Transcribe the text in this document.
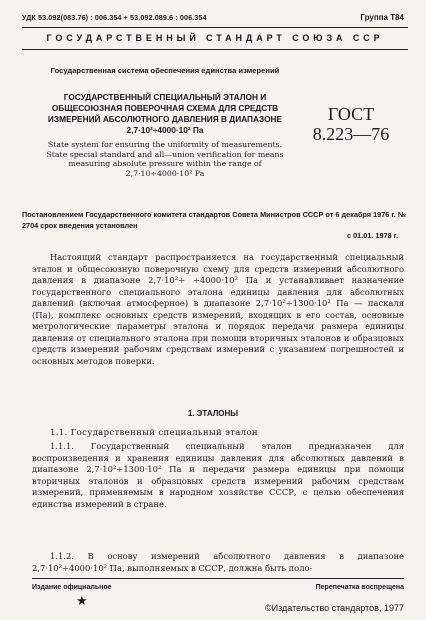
УДК 53.092(083.76) : 006.354 + 53.092.089.6 : 006.354	Группа Т84
ГОСУДАРСТВЕННЫЙ СТАНДАРТ СОЮЗА ССР
Государственная система обеспечения единства измерений
ГОСУДАРСТВЕННЫЙ СПЕЦИАЛЬНЫЙ ЭТАЛОН И ОБЩЕСОЮЗНАЯ ПОВЕРОЧНАЯ СХЕМА ДЛЯ СРЕДСТВ ИЗМЕРЕНИЙ АБСОЛЮТНОГО ДАВЛЕНИЯ В ДИАПАЗОНЕ 2,7·10²÷4000·10² Па
State system for ensuring the uniformity of measurements. State special standard and all—union verification for means measuring absolute pressure within the range of 2,7·10÷4000·10² Pa
ГОСТ
8.223—76
Постановлением Государственного комитета стандартов Совета Министров СССР от 6 декабря 1976 г. № 2704 срок введения установлен
с 01.01. 1978 г.
Настоящий стандарт распространяется на государственный специальный эталон и общесоюзную поверочную схему для средств измерений абсолютного давления в диапазоне 2,7·10²÷ ÷4000·10² Па и устанавливает назначение государственного специального эталона единицы давления для абсолютных давлений (включая атмосферное) в диапазоне 2,7·10²÷1300·10² Па — паскаля (Па), комплекс основных средств измерений, входящих в его состав, основные метрологические параметры эталона и порядок передачи размера единицы давления от специального эталона при помощи вторичных эталонов и образцовых средств измерений рабочим средствам измерений с указанием погрешностей и основных методов поверки.
1. ЭТАЛОНЫ
1.1. Государственный специальный эталон
1.1.1. Государственный специальный эталон предназначен для воспроизведения и хранения единицы давления для абсолютных давлений в диапазоне 2,7·10²÷1300·10² Па и передачи размера единицы при помощи вторичных эталонов и образцовых средств измерений рабочим средствам измерений, применяемым в народном хозяйстве СССР, с целью обеспечения единства измерений в стране.
1.1.2. В основу измерений абсолютного давления в диапазоне 2,7·10²÷4000·10² Па, выполняемых в СССР, должна быть поло-
Издание официальное	Перепечатка воспрещена
★	©Издательство стандартов, 1977
